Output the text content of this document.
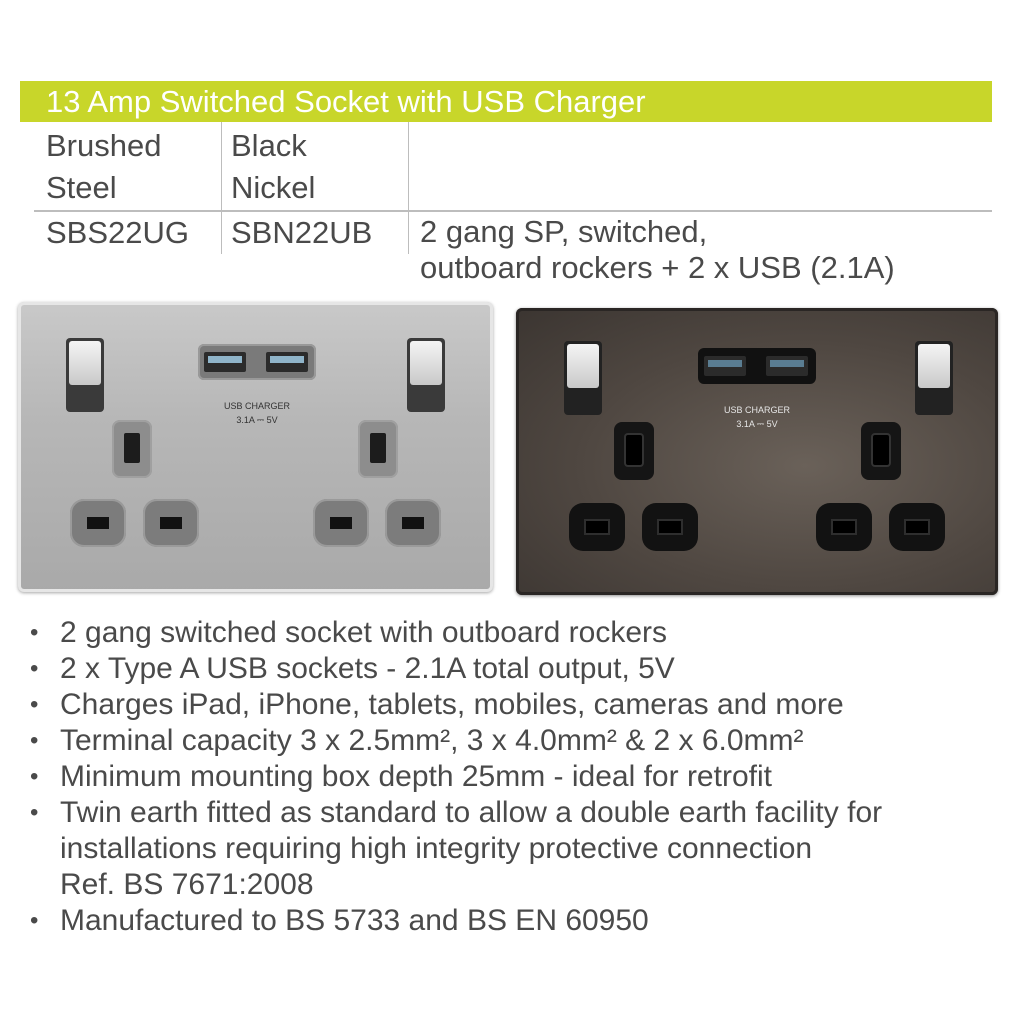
13 Amp Switched Socket with USB Charger
Brushed
Steel
Black
Nickel
SBS22UG SBN22UB 2 gang SP, switched,
outboard rockers + 2 x USB (2.1A)
USB CHARGER
3.1A ⎓ 5V
USB CHARGER
3.1A ⎓ 5V
• 2 gang switched socket with outboard rockers
• 2 x Type A USB sockets - 2.1A total output, 5V
• Charges iPad, iPhone, tablets, mobiles, cameras and more
• Terminal capacity 3 x 2.5mm², 3 x 4.0mm² & 2 x 6.0mm²
• Minimum mounting box depth 25mm - ideal for retrofit
• Twin earth fitted as standard to allow a double earth facility for
installations requiring high integrity protective connection
Ref. BS 7671:2008
• Manufactured to BS 5733 and BS EN 60950
